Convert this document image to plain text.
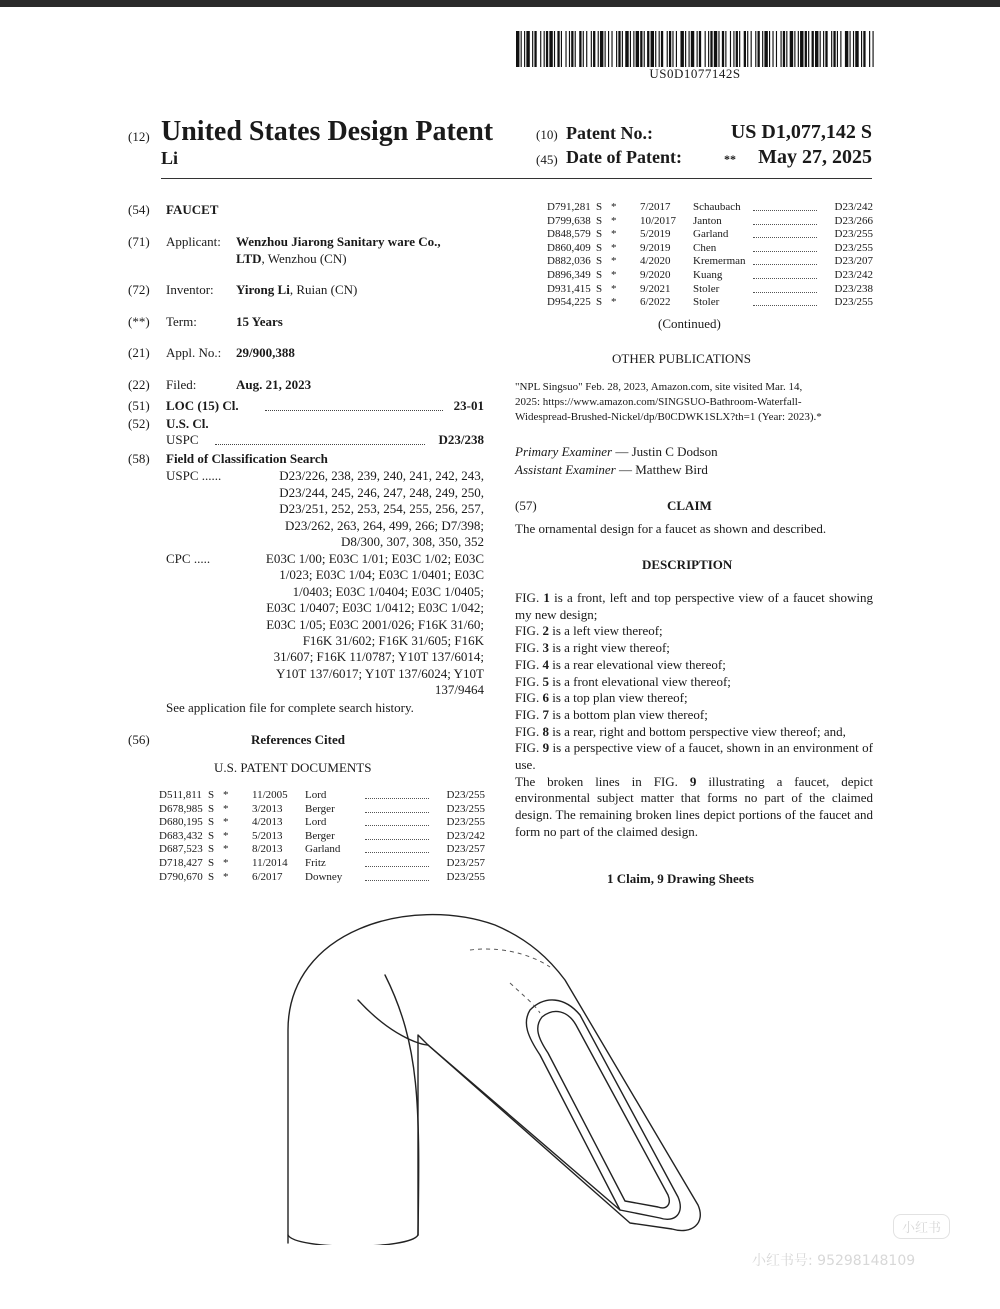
US0D1077142S
(12) United States Design Patent
Li
(10) Patent No.:	US D1,077,142 S
(45) Date of Patent:	**	May 27, 2025
(54) FAUCET
(71) Applicant: Wenzhou Jiarong Sanitary ware Co.,
LTD, Wenzhou (CN)
(72) Inventor: Yirong Li, Ruian (CN)
(**) Term:	15 Years
(21) Appl. No.: 29/900,388
(22) Filed:	Aug. 21, 2023
(51) LOC (15) Cl.	23-01
(52) U.S. Cl.
USPC	D23/238
(58) Field of Classification Search
USPC ......	D23/226, 238, 239, 240, 241, 242, 243,
D23/244, 245, 246, 247, 248, 249, 250,
D23/251, 252, 253, 254, 255, 256, 257,
D23/262, 263, 264, 499, 266; D7/398;
D8/300, 307, 308, 350, 352
CPC .....	E03C 1/00; E03C 1/01; E03C 1/02; E03C
1/023; E03C 1/04; E03C 1/0401; E03C
1/0403; E03C 1/0404; E03C 1/0405;
E03C 1/0407; E03C 1/0412; E03C 1/042;
E03C 1/05; E03C 2001/026; F16K 31/60;
F16K 31/602; F16K 31/605; F16K
31/607; F16K 11/0787; Y10T 137/6014;
Y10T 137/6017; Y10T 137/6024; Y10T
137/9464
See application file for complete search history.
(56)	References Cited
U.S. PATENT DOCUMENTS
D511,811 S * 11/2005 Lord	D23/255
D678,985 S * 3/2013 Berger	D23/255
D680,195 S * 4/2013 Lord	D23/255
D683,432 S * 5/2013 Berger	D23/242
D687,523 S * 8/2013 Garland	D23/257
D718,427 S * 11/2014 Fritz	D23/257
D790,670 S * 6/2017 Downey	D23/255
D791,281 S * 7/2017 Schaubach	D23/242
D799,638 S * 10/2017 Janton	D23/266
D848,579 S * 5/2019 Garland	D23/255
D860,409 S * 9/2019 Chen	D23/255
D882,036 S * 4/2020 Kremerman	D23/207
D896,349 S * 9/2020 Kuang	D23/242
D931,415 S * 9/2021 Stoler	D23/238
D954,225 S * 6/2022 Stoler	D23/255
(Continued)
OTHER PUBLICATIONS
"NPL Singsuo" Feb. 28, 2023, Amazon.com, site visited Mar. 14,
2025: https://www.amazon.com/SINGSUO-Bathroom-Waterfall-
Widespread-Brushed-Nickel/dp/B0CDWK1SLX?th=1 (Year: 2023).*
Primary Examiner — Justin C Dodson
Assistant Examiner — Matthew Bird
(57)	CLAIM
The ornamental design for a faucet as shown and described.
DESCRIPTION

FIG. 1 is a front, left and top perspective view of a faucet showing my new design;

FIG. 2 is a left view thereof;

FIG. 3 is a right view thereof;

FIG. 4 is a rear elevational view thereof;

FIG. 5 is a front elevational view thereof;

FIG. 6 is a top plan view thereof;

FIG. 7 is a bottom plan view thereof;

FIG. 8 is a rear, right and bottom perspective view thereof; and,

FIG. 9 is a perspective view of a faucet, shown in an environment of use.

The broken lines in FIG. 9 illustrating a faucet, depict environmental subject matter that forms no part of the claimed design. The remaining broken lines depict portions of the faucet and form no part of the claimed design.

1 Claim, 9 Drawing Sheets
小红书
小红书号: 9529814​8109
